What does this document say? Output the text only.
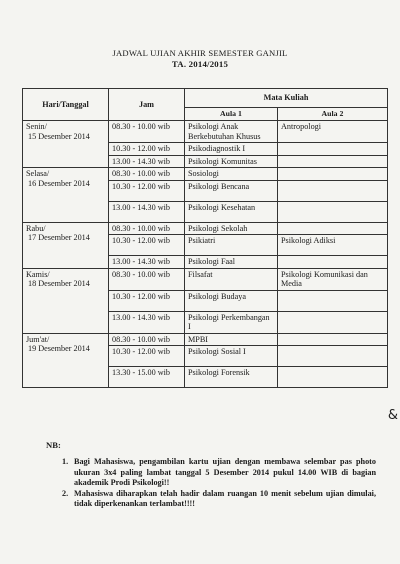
JADWAL UJIAN AKHIR SEMESTER GANJIL
TA. 2014/2015
Hari/Tanggal	Jam	Mata Kuliah	
		Aula 1	Aula 2

Senin/
15 Desember 2014	08.30 - 10.00 wib	Psikologi Anak Berkebutuhan Khusus	Antropologi
	10.30 - 12.00 wib	Psikodiagnostik I	
	13.00 - 14.30 wib	Psikologi Komunitas	

Selasa/
16 Desember 2014	08.30 - 10.00 wib	Sosiologi	
	10.30 - 12.00 wib	Psikologi Bencana	
	13.00 - 14.30 wib	Psikologi Kesehatan	

Rabu/
17 Desember 2014	08.30 - 10.00 wib	Psikologi Sekolah	
	10.30 - 12.00 wib	Psikiatri	Psikologi Adiksi
	13.00 - 14.30 wib	Psikologi Faal	

Kamis/
18 Desember 2014	08.30 - 10.00 wib	Filsafat	Psikologi Komunikasi dan Media
	10.30 - 12.00 wib	Psikologi Budaya	
	13.00 - 14.30 wib	Psikologi Perkembangan I	

Jum'at/
19 Desember 2014	08.30 - 10.00 wib	MPBI	
	10.30 - 12.00 wib	Psikologi Sosial I	
	13.30 - 15.00 wib	Psikologi Forensik	
&
NB:
1. Bagi Mahasiswa, pengambilan kartu ujian dengan membawa selembar pas photo ukuran 3x4 paling lambat tanggal 5 Desember 2014 pukul 14.00 WIB di bagian akademik Prodi Psikologi!!
2. Mahasiswa diharapkan telah hadir dalam ruangan 10 menit sebelum ujian dimulai, tidak diperkenankan terlambat!!!!
